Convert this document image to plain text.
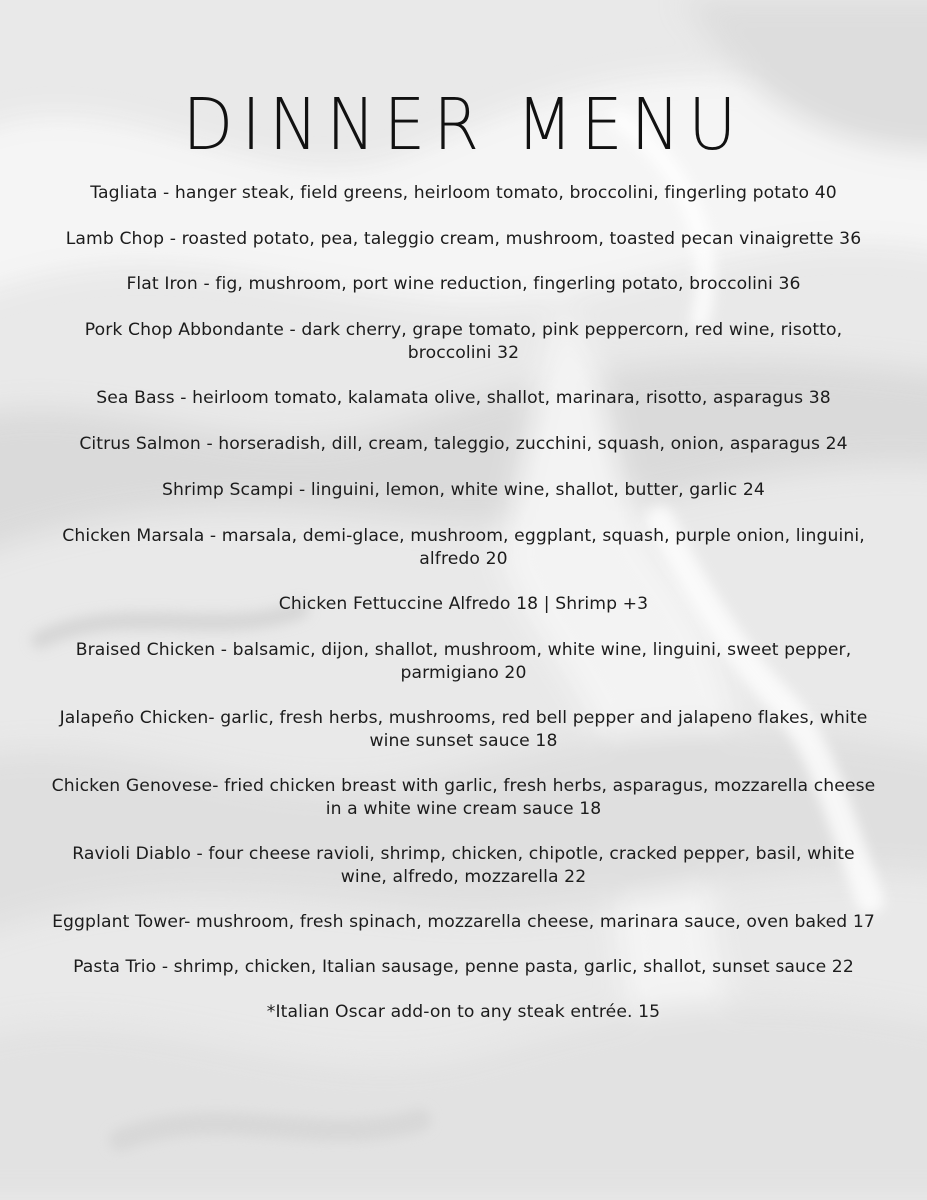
DINNER MENU
Tagliata - hanger steak, field greens, heirloom tomato, broccolini, fingerling potato 40
Lamb Chop - roasted potato, pea, taleggio cream, mushroom, toasted pecan vinaigrette 36
Flat Iron - fig, mushroom, port wine reduction, fingerling potato, broccolini 36
Pork Chop Abbondante - dark cherry, grape tomato, pink peppercorn, red wine, risotto, broccolini 32
Sea Bass - heirloom tomato, kalamata olive, shallot, marinara, risotto, asparagus 38
Citrus Salmon - horseradish, dill, cream, taleggio, zucchini, squash, onion, asparagus 24
Shrimp Scampi - linguini, lemon, white wine, shallot, butter, garlic 24
Chicken Marsala - marsala, demi-glace, mushroom, eggplant, squash, purple onion, linguini, alfredo 20
Chicken Fettuccine Alfredo 18 | Shrimp +3
Braised Chicken - balsamic, dijon, shallot, mushroom, white wine, linguini, sweet pepper, parmigiano 20
Jalapeño Chicken- garlic, fresh herbs, mushrooms, red bell pepper and jalapeno flakes, white wine sunset sauce 18
Chicken Genovese- fried chicken breast with garlic, fresh herbs, asparagus, mozzarella cheese in a white wine cream sauce 18
Ravioli Diablo - four cheese ravioli, shrimp, chicken, chipotle, cracked pepper, basil, white wine, alfredo, mozzarella 22
Eggplant Tower- mushroom, fresh spinach, mozzarella cheese, marinara sauce, oven baked 17
Pasta Trio - shrimp, chicken, Italian sausage, penne pasta, garlic, shallot, sunset sauce 22
*Italian Oscar add-on to any steak entrée. 15
